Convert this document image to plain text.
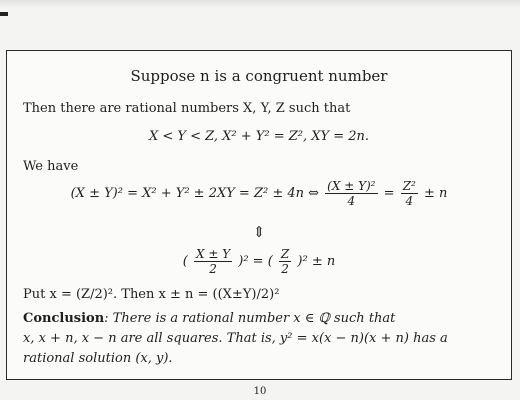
Suppose n is a congruent number
Then there are rational numbers X, Y, Z such that
X < Y < Z, X² + Y² = Z², XY = 2n.
We have
(X ± Y)² = X² + Y² ± 2XY = Z² ± 4n ⇔ $\frac{\text{(X ± Y)²}}{4} = \frac{\text{Z²}}{4} \pm n$
⇕
( $\frac{X \pm Y}{2} )^2$ = ( $\frac{Z}{2} )^2 \pm n$
Put x = (Z/2)². Then x ± n = ((X±Y)/2)²
Conclusion: There is a rational number x ∈ ℚ such that
x, x + n, x − n are all squares. That is, y² = x(x − n)(x + n) has a
rational solution (x, y).
10
